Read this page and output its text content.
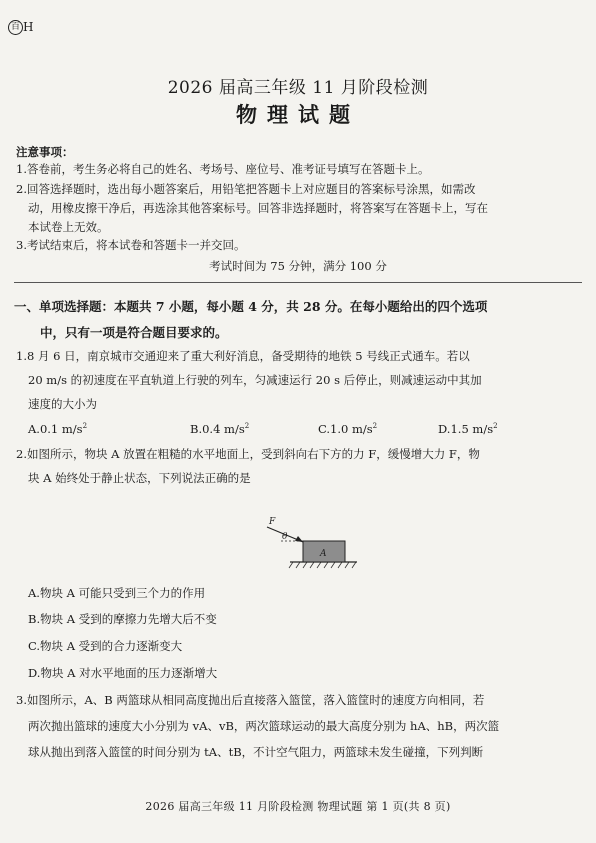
百 H
2026 届高三年级 11 月阶段检测
物理试题
注意事项：
1.答卷前，考生务必将自己的姓名、考场号、座位号、准考证号填写在答题卡上。
2.回答选择题时，选出每小题答案后，用铅笔把答题卡上对应题目的答案标号涂黑，如需改
动，用橡皮擦干净后，再选涂其他答案标号。回答非选择题时，将答案写在答题卡上，写在
本试卷上无效。
3.考试结束后，将本试卷和答题卡一并交回。
考试时间为 75 分钟，满分 100 分
一、单项选择题：本题共 7 小题，每小题 4 分，共 28 分。在每小题给出的四个选项
中，只有一项是符合题目要求的。
1.8 月 6 日，南京城市交通迎来了重大利好消息，备受期待的地铁 5 号线正式通车。若以
20 m/s 的初速度在平直轨道上行驶的列车，匀减速运行 20 s 后停止，则减速运动中其加
速度的大小为
A.0.1 $m/s^2$	B.0.4 $m/s^2$	C.1.0 $m/s^2$	D.1.5 $m/s^2$
2.如图所示，物块 A 放置在粗糙的水平地面上，受到斜向右下方的力 F，缓慢增大力 F，物
块 A 始终处于静止状态，下列说法正确的是
F
θ
A
A.物块 A 可能只受到三个力的作用
B.物块 A 受到的摩擦力先增大后不变
C.物块 A 受到的合力逐渐变大
D.物块 A 对水平地面的压力逐渐增大
3.如图所示，A、B 两篮球从相同高度抛出后直接落入篮筐，落入篮筐时的速度方向相同，若
两次抛出篮球的速度大小分别为 vA、vB，两次篮球运动的最大高度分别为 hA、hB，两次篮
球从抛出到落入篮筐的时间分别为 tA、tB，不计空气阻力，两篮球未发生碰撞，下列判断
2026 届高三年级 11 月阶段检测 物理试题 第 1 页(共 8 页)
